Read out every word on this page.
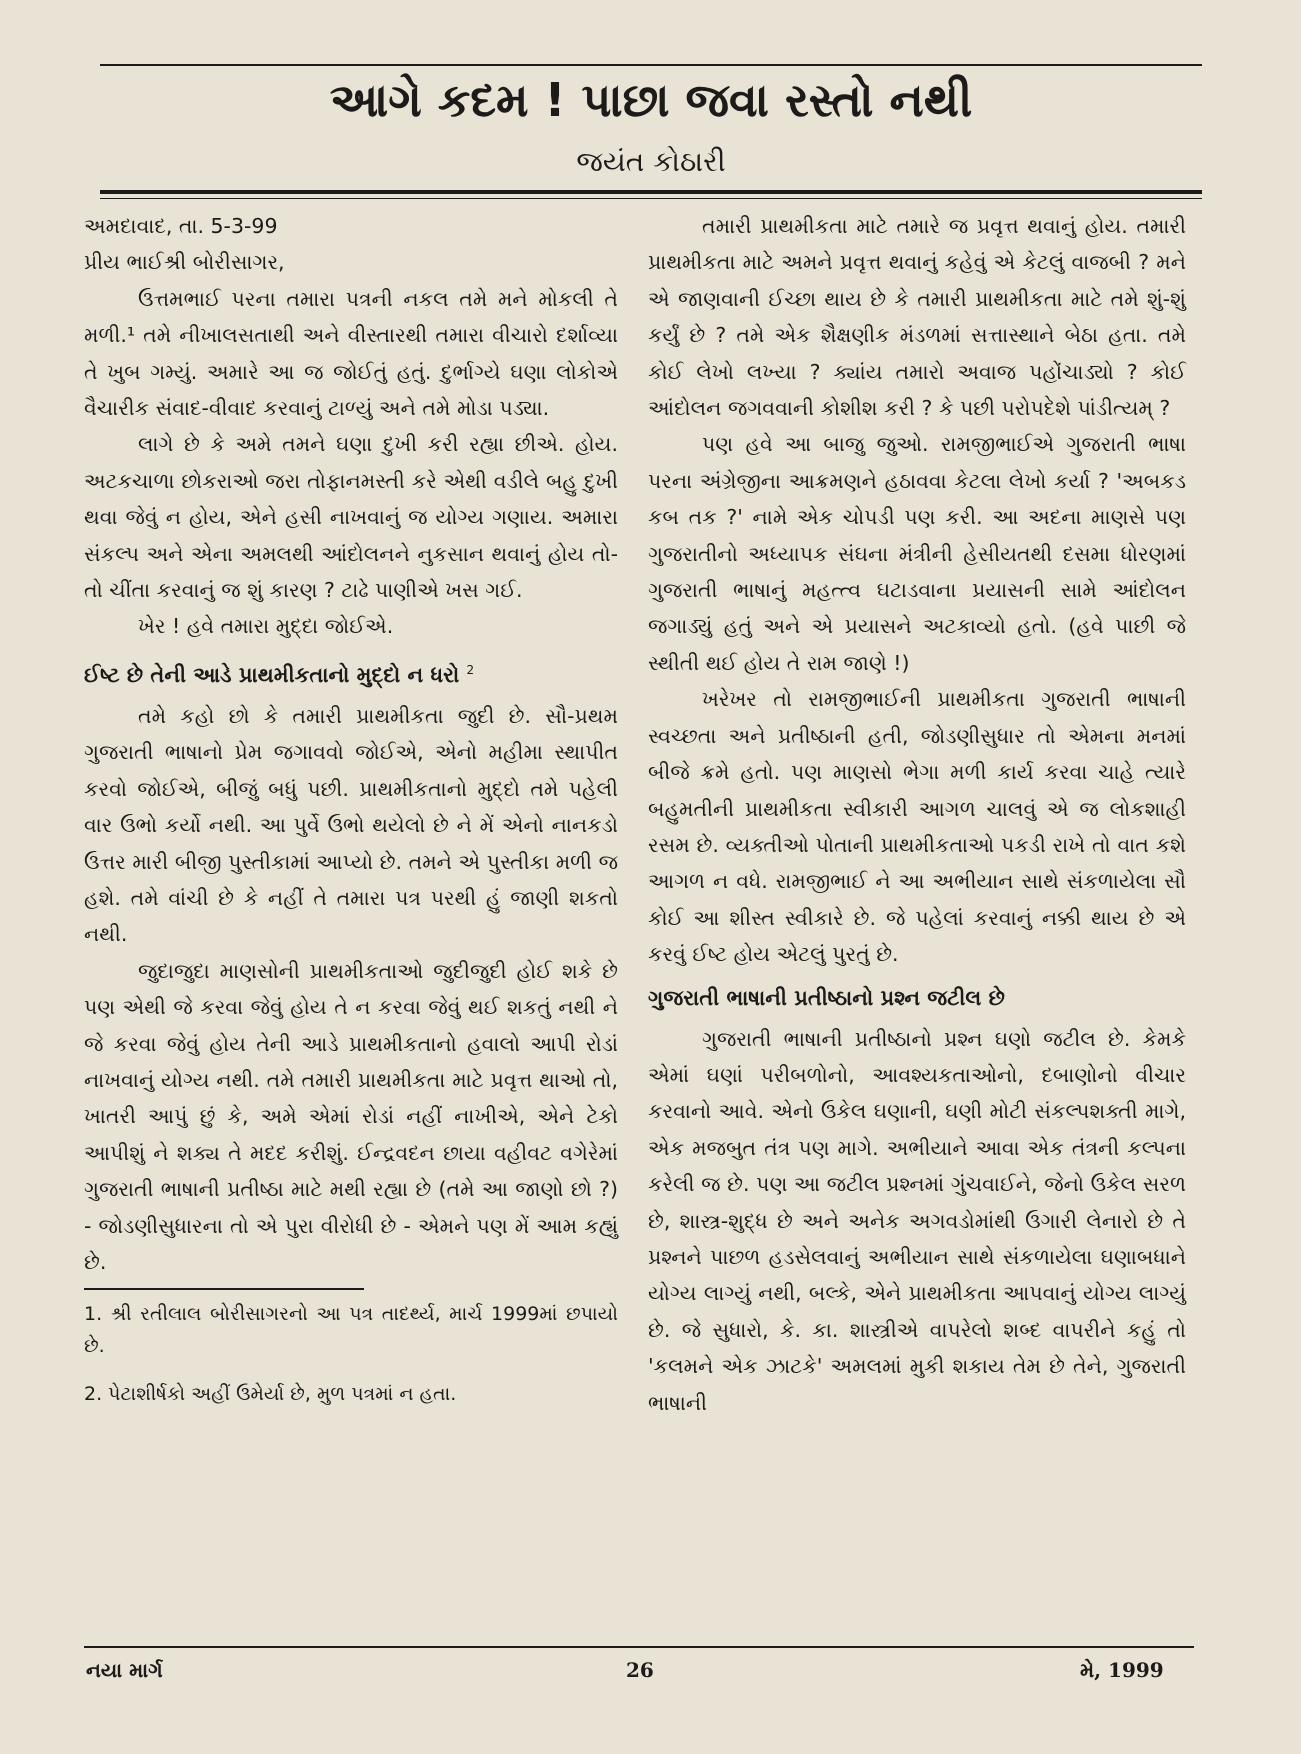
આગે કદમ ! પાછા જવા રસ્તો નથી
જયંત કોઠારી

અમદાવાદ, તા. 5-3-99

પ્રીય ભાઈશ્રી બોરીસાગર,

ઉત્તમભાઈ પરના તમારા પત્રની નકલ તમે મને મોકલી તે મળી.¹ તમે નીખાલસતાથી અને વીસ્તારથી તમારા વીચારો દર્શાવ્યા તે ખુબ ગમ્યું. અમારે આ જ જોઈતું હતું. દુર્ભાગ્યે ઘણા લોકોએ વૈચારીક સંવાદ-વીવાદ કરવાનું ટાળ્યું અને તમે મોડા પડ્યા.

લાગે છે કે અમે તમને ઘણા દુખી કરી રહ્યા છીએ. હોય. અટકચાળા છોકરાઓ જરા તોફાનમસ્તી કરે એથી વડીલે બહુ દુખી થવા જેવું ન હોય, એને હસી નાખવાનું જ યોગ્ય ગણાય. અમારા સંકલ્પ અને એના અમલથી આંદોલનને નુકસાન થવાનું હોય તો-તો ચીંતા કરવાનું જ શું કારણ ? ટાઢે પાણીએ ખસ ગઈ.

ખેર ! હવે તમારા મુદ્દા જોઈએ.

ઈષ્ટ છે તેની આડે પ્રાથમીકતાનો મુદ્દો ન ધરો $^2$

તમે કહો છો કે તમારી પ્રાથમીકતા જુદી છે. સૌ-પ્રથમ ગુજરાતી ભાષાનો પ્રેમ જગાવવો જોઈએ, એનો મહીમા સ્થાપીત કરવો જોઈએ, બીજું બધું પછી. પ્રાથમીકતાનો મુદ્દો તમે પહેલી વાર ઉભો કર્યો નથી. આ પુર્વે ઉભો થયેલો છે ને મેં એનો નાનકડો ઉત્તર મારી બીજી પુસ્તીકામાં આપ્યો છે. તમને એ પુસ્તીકા મળી જ હશે. તમે વાંચી છે કે નહીં તે તમારા પત્ર પરથી હું જાણી શકતો નથી.

જુદાજુદા માણસોની પ્રાથમીકતાઓ જુદીજુદી હોઈ શકે છે પણ એથી જે કરવા જેવું હોય તે ન કરવા જેવું થઈ શકતું નથી ને જે કરવા જેવું હોય તેની આડે પ્રાથમીકતાનો હવાલો આપી રોડાં નાખવાનું યોગ્ય નથી. તમે તમારી પ્રાથમીકતા માટે પ્રવૃત્ત થાઓ તો, ખાતરી આપું છું કે, અમે એમાં રોડાં નહીં નાખીએ, એને ટેકો આપીશું ને શક્ય તે મદદ કરીશું. ઈન્દ્રવદન છાયા વહીવટ વગેરેમાં ગુજરાતી ભાષાની પ્રતીષ્ઠા માટે મથી રહ્યા છે (તમે આ જાણો છો ?) - જોડણીસુધારના તો એ પુરા વીરોધી છે - એમને પણ મેં આમ કહ્યું છે.

1. શ્રી રતીલાલ બોરીસાગરનો આ પત્ર તાદર્થ્ય, માર્ચ 1999માં છપાયો છે.

2. પેટાશીર્ષકો અહીં ઉમેર્યા છે, મુળ પત્રમાં ન હતા.

તમારી પ્રાથમીકતા માટે તમારે જ પ્રવૃત્ત થવાનું હોય. તમારી પ્રાથમીકતા માટે અમને પ્રવૃત્ત થવાનું કહેવું એ કેટલું વાજબી ? મને એ જાણવાની ઈચ્છા થાય છે કે તમારી પ્રાથમીકતા માટે તમે શું-શું કર્યું છે ? તમે એક શૈક્ષણીક મંડળમાં સત્તાસ્થાને બેઠા હતા. તમે કોઈ લેખો લખ્યા ? ક્યાંય તમારો અવાજ પહોંચાડ્યો ? કોઈ આંદોલન જગવવાની કોશીશ કરી ? કે પછી પરોપદેશે પાંડીત્યમ્ ?

પણ હવે આ બાજુ જુઓ. રામજીભાઈએ ગુજરાતી ભાષા પરના અંગ્રેજીના આક્રમણને હઠાવવા કેટલા લેખો કર્યા ? 'અબકડ કબ તક ?' નામે એક ચોપડી પણ કરી. આ અદના માણસે પણ ગુજરાતીનો અધ્યાપક સંઘના મંત્રીની હેસીયતથી દસમા ધોરણમાં ગુજરાતી ભાષાનું મહત્ત્વ ઘટાડવાના પ્રયાસની સામે આંદોલન જગાડ્યું હતું અને એ પ્રયાસને અટકાવ્યો હતો. (હવે પાછી જે સ્થીતી થઈ હોય તે રામ જાણે !)

ખરેખર તો રામજીભાઈની પ્રાથમીકતા ગુજરાતી ભાષાની સ્વચ્છતા અને પ્રતીષ્ઠાની હતી, જોડણીસુધાર તો એમના મનમાં બીજે ક્રમે હતો. પણ માણસો ભેગા મળી કાર્ય કરવા ચાહે ત્યારે બહુમતીની પ્રાથમીકતા સ્વીકારી આગળ ચાલવું એ જ લોકશાહી રસમ છે. વ્યક્તીઓ પોતાની પ્રાથમીકતાઓ પકડી રાખે તો વાત કશે આગળ ન વધે. રામજીભાઈ ને આ અભીયાન સાથે સંકળાયેલા સૌ કોઈ આ શીસ્ત સ્વીકારે છે. જે પહેલાં કરવાનું નક્કી થાય છે એ કરવું ઈષ્ટ હોય એટલું પુરતું છે.

ગુજરાતી ભાષાની પ્રતીષ્ઠાનો પ્રશ્ન જટીલ છે

ગુજરાતી ભાષાની પ્રતીષ્ઠાનો પ્રશ્ન ઘણો જટીલ છે. કેમકે એમાં ઘણાં પરીબળોનો, આવશ્યકતાઓનો, દબાણોનો વીચાર કરવાનો આવે. એનો ઉકેલ ઘણાની, ઘણી મોટી સંકલ્પશક્તી માગે, એક મજબુત તંત્ર પણ માગે. અભીયાને આવા એક તંત્રની કલ્પના કરેલી જ છે. પણ આ જટીલ પ્રશ્નમાં ગુંચવાઈને, જેનો ઉકેલ સરળ છે, શાસ્ત્ર-શુદ્ધ છે અને અનેક અગવડોમાંથી ઉગારી લેનારો છે તે પ્રશ્નને પાછળ હડસેલવાનું અભીયાન સાથે સંકળાયેલા ઘણાબધાને યોગ્ય લાગ્યું નથી, બલ્કે, એને પ્રાથમીકતા આપવાનું યોગ્ય લાગ્યું છે. જે સુધારો, કે. કા. શાસ્ત્રીએ વાપરેલો શબ્દ વાપરીને કહું તો 'કલમને એક ઝાટકે' અમલમાં મુકી શકાય તેમ છે તેને, ગુજરાતી ભાષાની

નયા માર્ગ	26	મે, 1999
